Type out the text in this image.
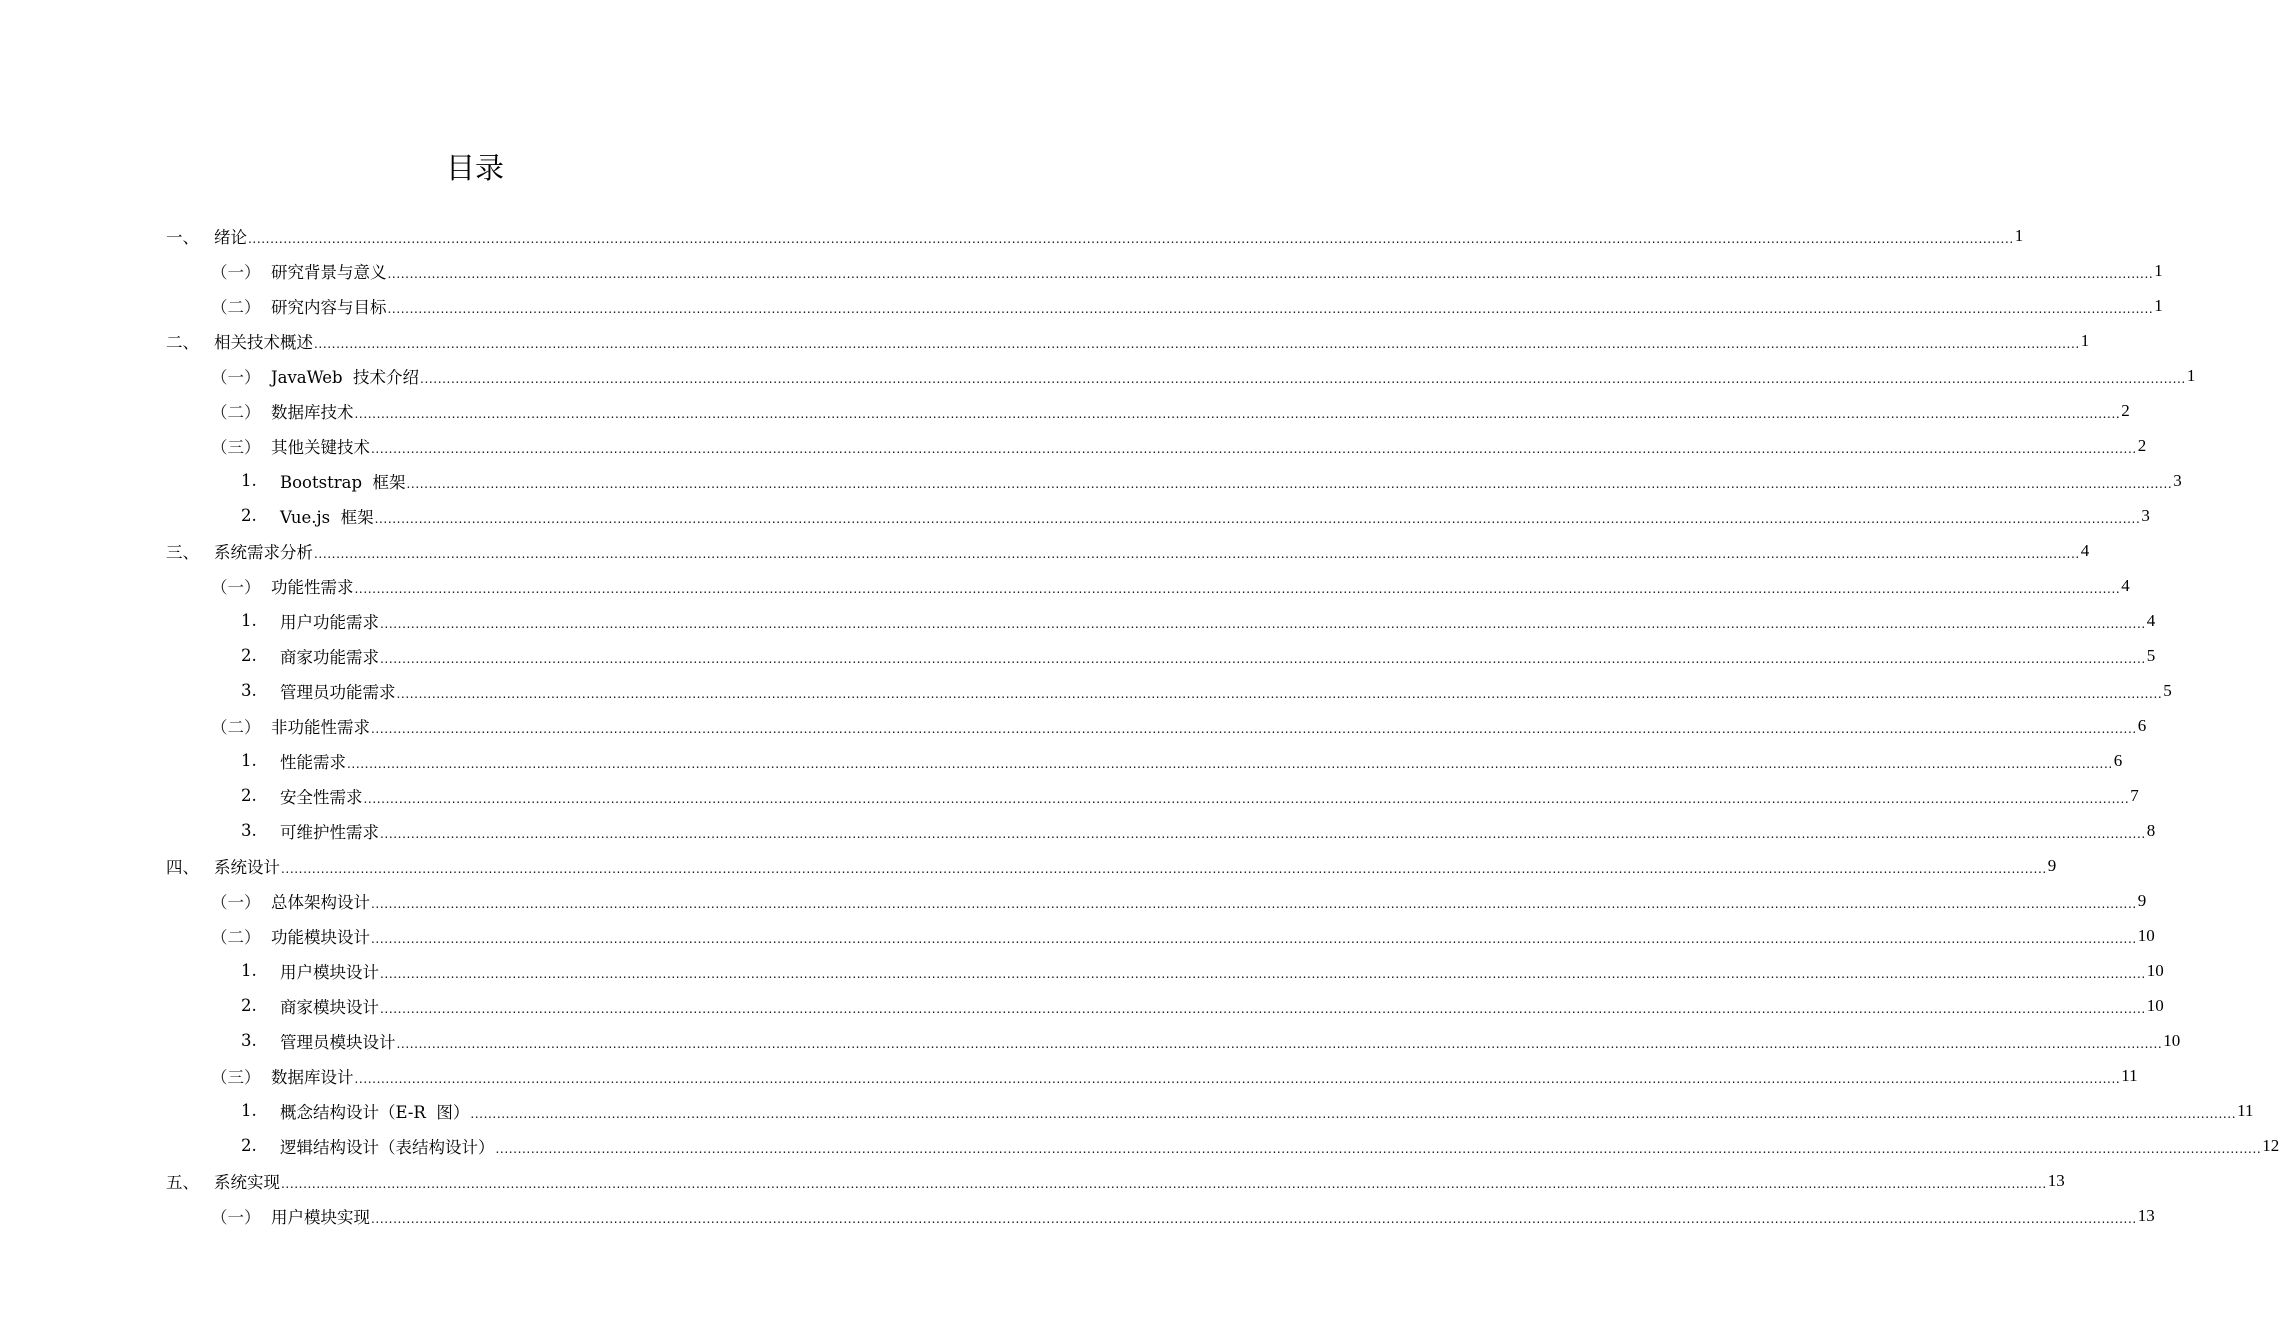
目录
一、 绪论 ................................................................................................................................................................................................................................................................................................................................................................................................................ 1
（一） 研究背景与意义 ................................................................................................................................................................................................................................................................................................................................................................................................................ 1
（二） 研究内容与目标 ................................................................................................................................................................................................................................................................................................................................................................................................................ 1
二、 相关技术概述 ................................................................................................................................................................................................................................................................................................................................................................................................................ 1
（一） JavaWeb  技术介绍 ................................................................................................................................................................................................................................................................................................................................................................................................................ 1
（二） 数据库技术 ................................................................................................................................................................................................................................................................................................................................................................................................................ 2
（三） 其他关键技术 ................................................................................................................................................................................................................................................................................................................................................................................................................ 2
1.	Bootstrap  框架 ................................................................................................................................................................................................................................................................................................................................................................................................................ 3
2.	Vue.js  框架 ................................................................................................................................................................................................................................................................................................................................................................................................................ 3
三、 系统需求分析 ................................................................................................................................................................................................................................................................................................................................................................................................................ 4
（一） 功能性需求 ................................................................................................................................................................................................................................................................................................................................................................................................................ 4
1.	用户功能需求 ................................................................................................................................................................................................................................................................................................................................................................................................................ 4
2.	商家功能需求 ................................................................................................................................................................................................................................................................................................................................................................................................................ 5
3.	管理员功能需求 ................................................................................................................................................................................................................................................................................................................................................................................................................ 5
（二） 非功能性需求 ................................................................................................................................................................................................................................................................................................................................................................................................................ 6
1.	性能需求 ................................................................................................................................................................................................................................................................................................................................................................................................................ 6
2.	安全性需求 ................................................................................................................................................................................................................................................................................................................................................................................................................ 7
3.	可维护性需求 ................................................................................................................................................................................................................................................................................................................................................................................................................ 8
四、 系统设计 ................................................................................................................................................................................................................................................................................................................................................................................................................ 9
（一） 总体架构设计 ................................................................................................................................................................................................................................................................................................................................................................................................................ 9
（二） 功能模块设计 ................................................................................................................................................................................................................................................................................................................................................................................................................ 10
1.	用户模块设计 ................................................................................................................................................................................................................................................................................................................................................................................................................ 10
2.	商家模块设计 ................................................................................................................................................................................................................................................................................................................................................................................................................ 10
3.	管理员模块设计 ................................................................................................................................................................................................................................................................................................................................................................................................................ 10
（三） 数据库设计 ................................................................................................................................................................................................................................................................................................................................................................................................................ 11
1.	概念结构设计（E-R  图） ................................................................................................................................................................................................................................................................................................................................................................................................................ 11
2.	逻辑结构设计（表结构设计） ................................................................................................................................................................................................................................................................................................................................................................................................................ 12
五、 系统实现 ................................................................................................................................................................................................................................................................................................................................................................................................................ 13
（一） 用户模块实现 ................................................................................................................................................................................................................................................................................................................................................................................................................ 13
